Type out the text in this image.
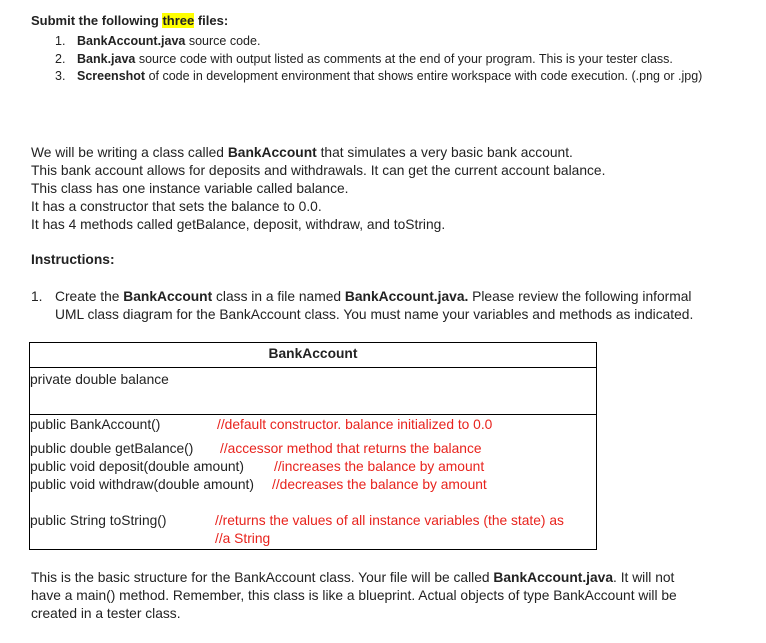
Submit the following three files:
1. BankAccount.java source code.
2. Bank.java source code with output listed as comments at the end of your program. This is your tester class.
3. Screenshot of code in development environment that shows entire workspace with code execution. (.png or .jpg)
We will be writing a class called BankAccount that simulates a very basic bank account.
This bank account allows for deposits and withdrawals. It can get the current account balance.
This class has one instance variable called balance.
It has a constructor that sets the balance to 0.0.
It has 4 methods called getBalance, deposit, withdraw, and toString.
Instructions:
1. Create the BankAccount class in a file named BankAccount.java. Please review the following informal
UML class diagram for the BankAccount class. You must name your variables and methods as indicated.
BankAccount
private double balance
public BankAccount()	//default constructor. balance initialized to 0.0
public double getBalance() //accessor method that returns the balance
public void deposit(double amount) //increases the balance by amount
public void withdraw(double amount) //decreases the balance by amount
public String toString()	//returns the values of all instance variables (the state) as
//a String
This is the basic structure for the BankAccount class. Your file will be called BankAccount.java. It will not
have a main() method. Remember, this class is like a blueprint. Actual objects of type BankAccount will be
created in a tester class.
